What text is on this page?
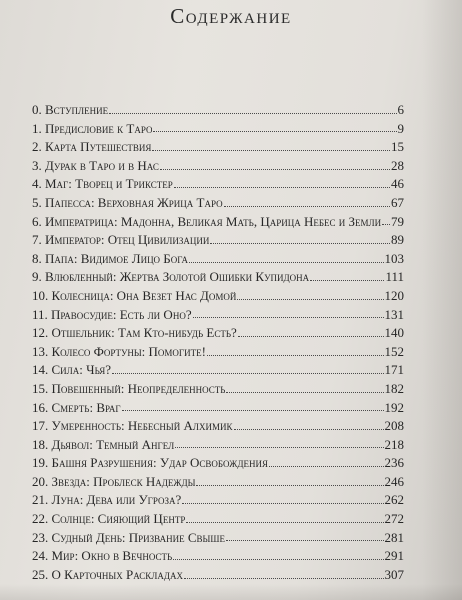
Содержание
0. Вступление	6
1. Предисловие к Таро	9
2. Карта Путешествия	15
3. Дурак в Таро и в Нас	28
4. Маг: Творец и Трикстер	46
5. Папесса: Верховная Жрица Таро	67
6. Императрица: Мадонна, Великая Мать, Царица Небес и Земли 79
7. Император: Отец Цивилизации	89
8. Папа: Видимое Лицо Бога	103
9. Влюбленный: Жертва Золотой Ошибки Купидона	111
10. Колесница: Она Везет Нас Домой	120
11. Правосудие: Есть ли Оно?	131
12. Отшельник: Там Кто-нибудь Есть?	140
13. Колесо Фортуны: Помогите!	152
14. Сила: Чья?	171
15. Повешенный: Неопределенность	182
16. Смерть: Враг	192
17. Умеренность: Небесный Алхимик	208
18. Дьявол: Темный Ангел	218
19. Башня Разрушения: Удар Освобождения	236
20. Звезда: Проблеск Надежды	246
21. Луна: Дева или Угроза?	262
22. Солнце: Сияющий Центр	272
23. Судный День: Призвание Свыше	281
24. Мир: Окно в Вечность	291
25. О Карточных Раскладах	307
